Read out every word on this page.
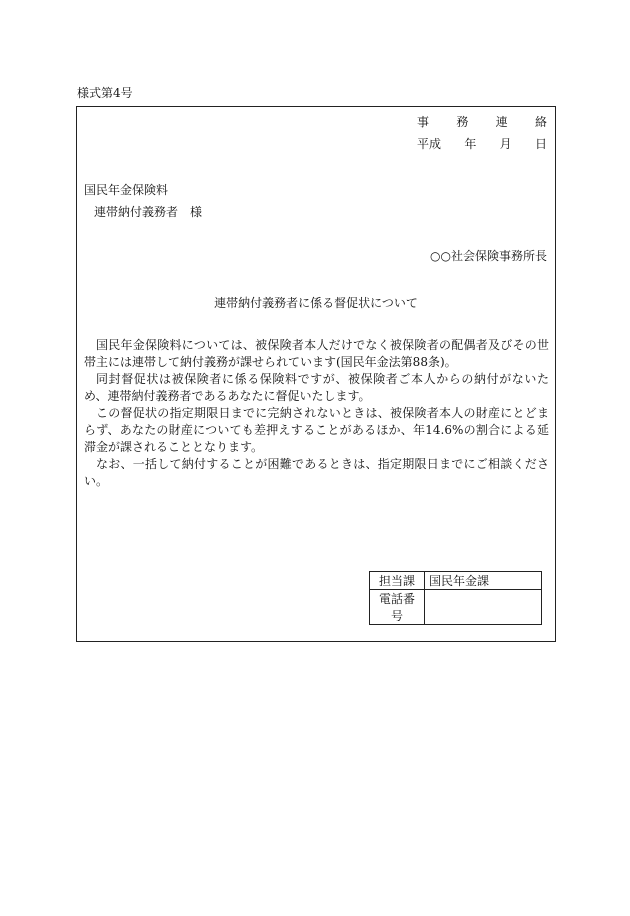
様式第4号
事 務 連 絡
平成 年 月 日
国民年金保険料
連帯納付義務者　様
○○社会保険事務所長
連帯納付義務者に係る督促状について

国民年金保険料については、被保険者本人だけでなく被保険者の配偶者及びその世帯主には連帯して納付義務が課せられています(国民年金法第88条)。

同封督促状は被保険者に係る保険料ですが、被保険者ご本人からの納付がないため、連帯納付義務者であるあなたに督促いたします。

この督促状の指定期限日までに完納されないときは、被保険者本人の財産にとどまらず、あなたの財産についても差押えすることがあるほか、年14.6%の割合による延滞金が課されることとなります。

なお、一括して納付することが困難であるときは、指定期限日までにご相談ください。

担当課	国民年金課
電話番号	
